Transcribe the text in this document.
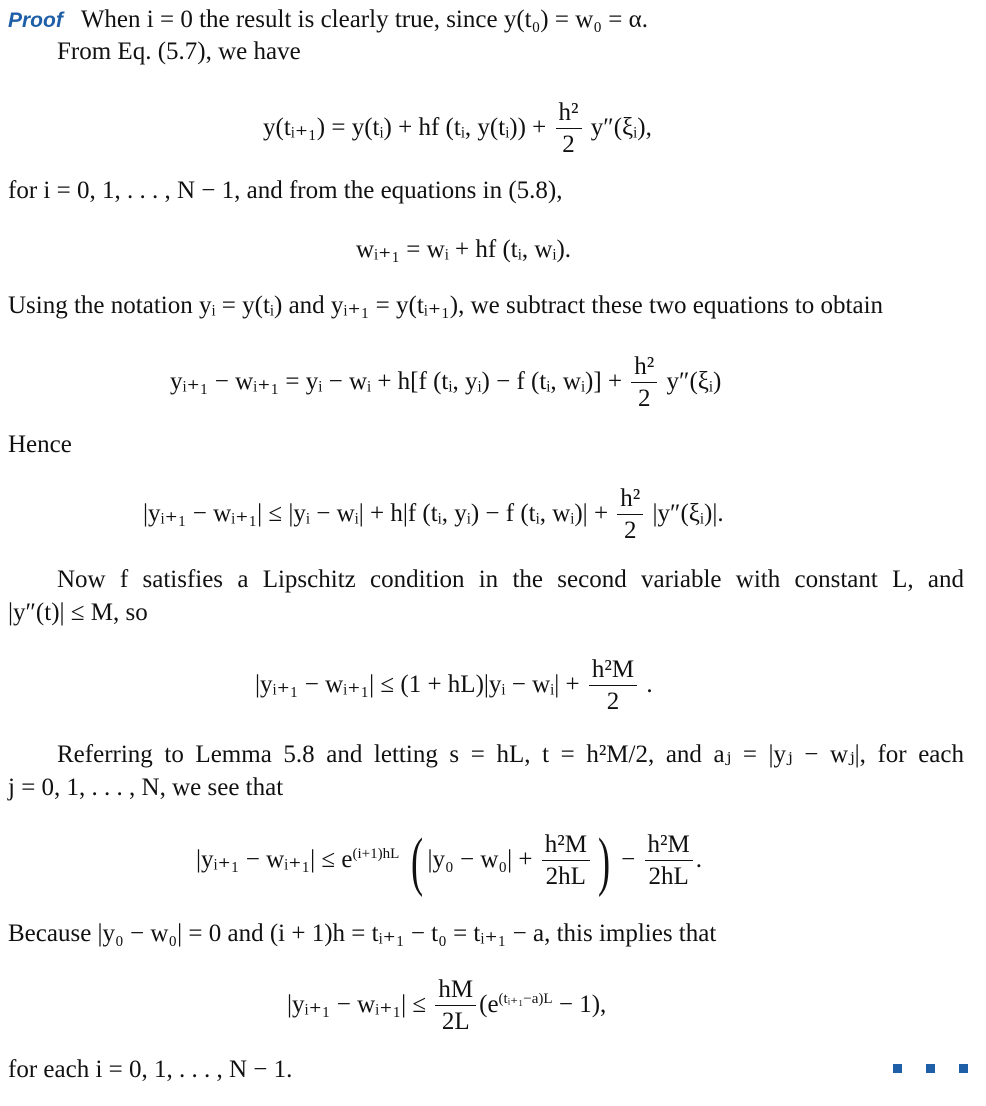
Proof When i = 0 the result is clearly true, since y(t₀) = w₀ = α.
From Eq. (5.7), we have
y(tᵢ₊₁) = y(tᵢ) + hf (tᵢ, y(tᵢ)) + $\frac{\text{h²}}{2}$ y″(ξᵢ),
for i = 0, 1, . . . , N − 1, and from the equations in (5.8),
wᵢ₊₁ = wᵢ + hf (tᵢ, wᵢ).
Using the notation yᵢ = y(tᵢ) and yᵢ₊₁ = y(tᵢ₊₁), we subtract these two equations to obtain
yᵢ₊₁ − wᵢ₊₁ = yᵢ − wᵢ + h[f (tᵢ, yᵢ) − f (tᵢ, wᵢ)] + $\frac{\text{h²}}{2}$ y″(ξᵢ)
Hence
|yᵢ₊₁ − wᵢ₊₁| ≤ |yᵢ − wᵢ| + h|f (tᵢ, yᵢ) − f (tᵢ, wᵢ)| + $\frac{\text{h²}}{2}$ |y″(ξᵢ)|.
Now f satisfies a Lipschitz condition in the second variable with constant L, and
|y″(t)| ≤ M, so
|yᵢ₊₁ − wᵢ₊₁| ≤ (1 + hL)|yᵢ − wᵢ| + $\frac{\text{h²M}}{2}$ .
Referring to Lemma 5.8 and letting s = hL, t = h²M/2, and aⱼ = |yⱼ − wⱼ|, for each
j = 0, 1, . . . , N, we see that
|yᵢ₊₁ − wᵢ₊₁| ≤ $e^{(i+1)hL}$ ( $|y_0 - w_0| + \frac{\text{h²M}}{2hL}$ ) − $\frac{\text{h²M}}{2hL}$ .
Because |y₀ − w₀| = 0 and (i + 1)h = tᵢ₊₁ − t₀ = tᵢ₊₁ − a, this implies that
|yᵢ₊₁ − wᵢ₊₁| ≤ $\frac{hM}{2L} (e^{(tᵢ_{+1}-a)L} - 1)$,
for each i = 0, 1, . . . , N − 1.
